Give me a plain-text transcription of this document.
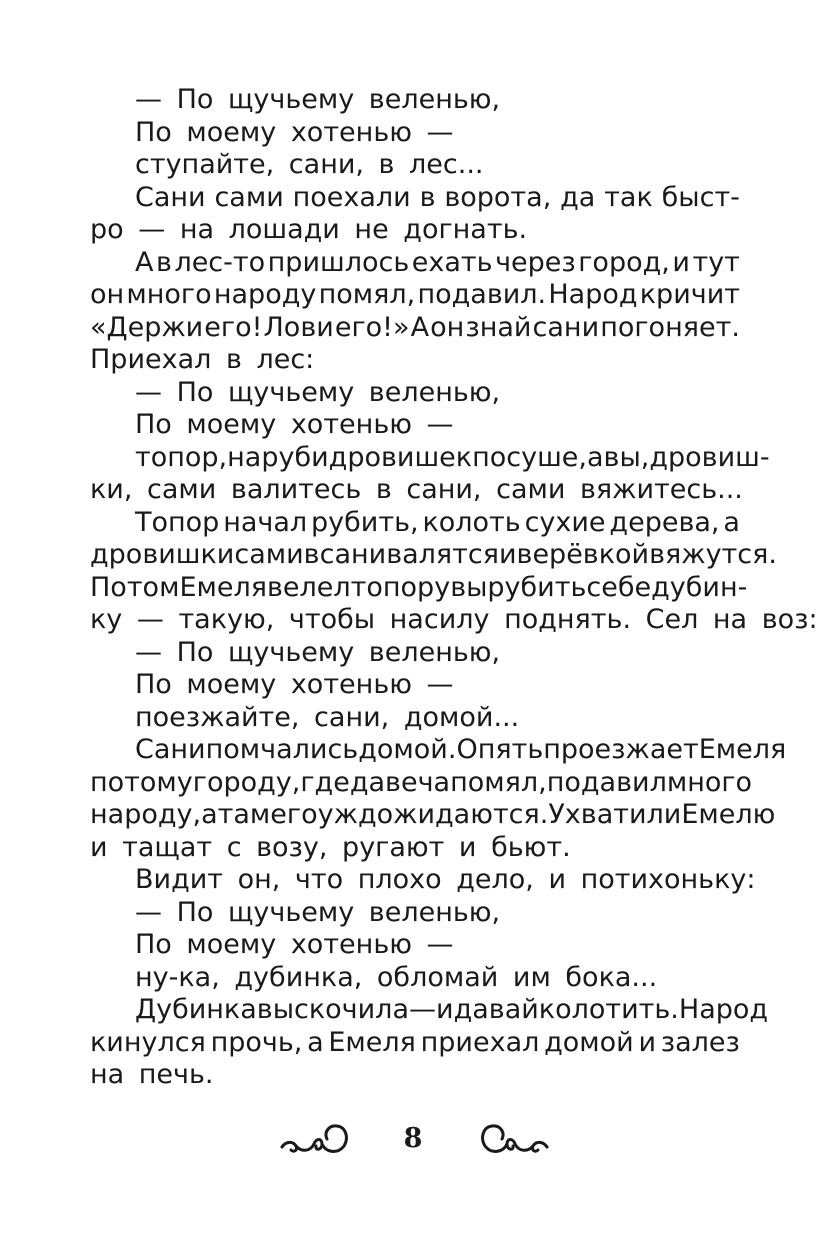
— По щучьему веленью,
По моему хотенью —
ступайте, сани, в лес...
Сани сами поехали в ворота, да так быст-
ро — на лошади не догнать.
А в лес-то пришлось ехать через город, и тут
он много народу помял, подавил. Народ кричит
«Держи его! Лови его!» А он знай сани погоняет.
Приехал в лес:
— По щучьему веленью,
По моему хотенью —
топор, наруби дровишек посуше, а вы, дровиш-
ки, сами валитесь в сани, сами вяжитесь...
Топор начал рубить, колоть сухие дерева, а
дровишки сами в сани валятся и верёвкой вяжутся.
Потом Емеля велел топору вырубить себе дубин-
ку — такую, чтобы насилу поднять. Сел на воз:
— По щучьему веленью,
По моему хотенью —
поезжайте, сани, домой...
Сани помчались домой. Опять проезжает Емеля
по тому городу, где давеча помял, подавил много
народу, а там его уж дожидаются. Ухватили Емелю
и тащат с возу, ругают и бьют.
Видит он, что плохо дело, и потихоньку:
— По щучьему веленью,
По моему хотенью —
ну-ка, дубинка, обломай им бока...
Дубинка выскочила — и давай колотить. Народ
кинулся прочь, а Емеля приехал домой и залез
на печь.
8
